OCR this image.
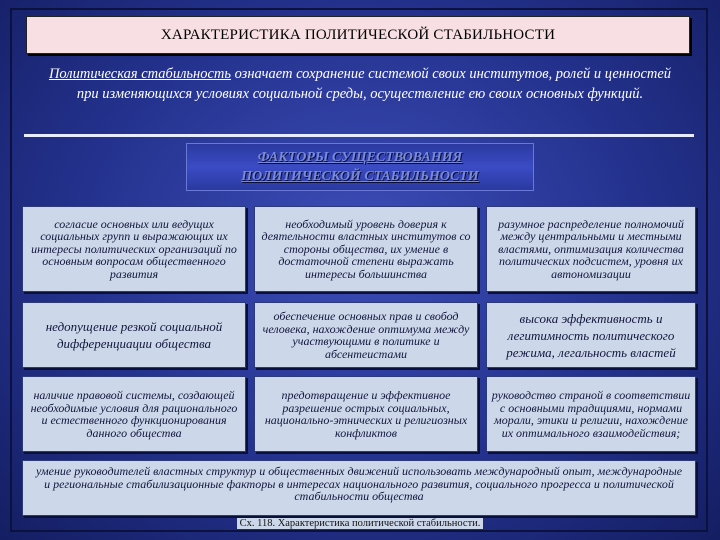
ХАРАКТЕРИСТИКА ПОЛИТИЧЕСКОЙ СТАБИЛЬНОСТИ
Политическая стабильность означает сохранение системой своих институтов, ролей и ценностей при изменяющихся условиях социальной среды, осуществление ею своих основных функций.
ФАКТОРЫ СУЩЕСТВОВАНИЯ
ПОЛИТИЧЕСКОЙ СТАБИЛЬНОСТИ
согласие основных или ведущих социальных групп и выражающих их интересы политических организаций по основным вопросам общественного развития
необходимый уровень доверия к деятельности властных институтов со стороны общества, их умение в достаточной степени выражать интересы большинства
разумное распределение полномочий между центральными и местными властями, оптимизация количества политических подсистем, уровня их автономизации
недопущение резкой социальной дифференциации общества
обеспечение основных прав и свобод человека, нахождение оптимума между участвующими в политике и абсентеистами
высока эффективность и легитимность политического режима, легальность властей
наличие правовой системы, создающей необходимые условия для рационального и естественного функционирования данного общества
предотвращение и эффективное разрешение острых социальных, национально-этнических и религиозных конфликтов
руководство страной в соответствии с основными традициями, нормами морали, этики и религии, нахождение их оптимального взаимодействия;
умение руководителей властных структур и общественных движений использовать международный опыт, международные и региональные стабилизационные факторы в интересах национального развития, социального прогресса и политической стабильности общества
Сх. 118. Характеристика политической стабильности.
